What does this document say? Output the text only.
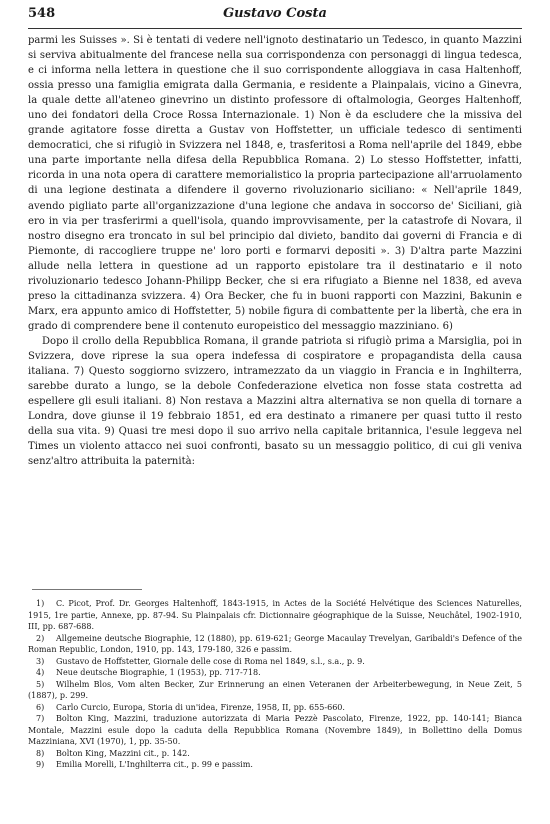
548	Gustavo Costa

parmi les Suisses ». Si è tentati di vedere nell'ignoto destinatario un Tedesco, in quanto Mazzini si serviva abitualmente del francese nella sua corrispondenza con personaggi di lingua tedesca, e ci informa nella lettera in questione che il suo corrispondente alloggiava in casa Haltenhoff, ossia presso una famiglia emigrata dalla Germania, e residente a Plainpalais, vicino a Ginevra, la quale dette all'ateneo ginevrino un distinto professore di oftalmologia, Georges Haltenhoff, uno dei fondatori della Croce Rossa Internazionale. 1) Non è da escludere che la missiva del grande agitatore fosse diretta a Gustav von Hoffstetter, un ufficiale tedesco di sentimenti democratici, che si rifugiò in Svizzera nel 1848, e, trasferitosi a Roma nell'aprile del 1849, ebbe una parte importante nella difesa della Repubblica Romana. 2) Lo stesso Hoffstetter, infatti, ricorda in una nota opera di carattere memorialistico la propria partecipazione all'arruolamento di una legione destinata a difendere il governo rivoluzionario siciliano: « Nell'aprile 1849, avendo pigliato parte all'organizzazione d'una legione che andava in soccorso de' Siciliani, già ero in via per trasferirmi a quell'isola, quando improvvisamente, per la catastrofe di Novara, il nostro disegno era troncato in sul bel principio dal divieto, bandito dai governi di Francia e di Piemonte, di raccogliere truppe ne' loro porti e formarvi depositi ». 3) D'altra parte Mazzini allude nella lettera in questione ad un rapporto epistolare tra il destinatario e il noto rivoluzionario tedesco Johann-Philipp Becker, che si era rifugiato a Bienne nel 1838, ed aveva preso la cittadinanza svizzera. 4) Ora Becker, che fu in buoni rapporti con Mazzini, Bakunin e Marx, era appunto amico di Hoffstetter, 5) nobile figura di combattente per la libertà, che era in grado di comprendere bene il contenuto europeistico del messaggio mazziniano. 6)

Dopo il crollo della Repubblica Romana, il grande patriota si rifugiò prima a Marsiglia, poi in Svizzera, dove riprese la sua opera indefessa di cospiratore e propagandista della causa italiana. 7) Questo soggiorno svizzero, intramezzato da un viaggio in Francia e in Inghilterra, sarebbe durato a lungo, se la debole Confederazione elvetica non fosse stata costretta ad espellere gli esuli italiani. 8) Non restava a Mazzini altra alternativa se non quella di tornare a Londra, dove giunse il 19 febbraio 1851, ed era destinato a rimanere per quasi tutto il resto della sua vita. 9) Quasi tre mesi dopo il suo arrivo nella capitale britannica, l'esule leggeva nel Times un violento attacco nei suoi confronti, basato su un messaggio politico, di cui gli veniva senz'altro attribuita la paternità:

1) C. Picot, Prof. Dr. Georges Haltenhoff, 1843-1915, in Actes de la Société Helvétique des Sciences Naturelles, 1915, 1re partie, Annexe, pp. 87-94. Su Plainpalais cfr. Dictionnaire géographique de la Suisse, Neuchâtel, 1902-1910, III, pp. 687-688.

2) Allgemeine deutsche Biographie, 12 (1880), pp. 619-621; George Macaulay Trevelyan, Garibaldi's Defence of the Roman Republic, London, 1910, pp. 143, 179-180, 326 e passim.

3) Gustavo de Hoffstetter, Giornale delle cose di Roma nel 1849, s.l., s.a., p. 9.

4) Neue deutsche Biographie, 1 (1953), pp. 717-718.

5) Wilhelm Blos, Vom alten Becker, Zur Erinnerung an einen Veteranen der Arbeiterbewegung, in Neue Zeit, 5 (1887), p. 299.

6) Carlo Curcio, Europa, Storia di un'idea, Firenze, 1958, II, pp. 655-660.

7) Bolton King, Mazzini, traduzione autorizzata di Maria Pezzè Pascolato, Firenze, 1922, pp. 140-141; Bianca Montale, Mazzini esule dopo la caduta della Repubblica Romana (Novembre 1849), in Bollettino della Domus Mazziniana, XVI (1970), 1, pp. 35-50.

8) Bolton King, Mazzini cit., p. 142.

9) Emilia Morelli, L'Inghilterra cit., p. 99 e passim.
